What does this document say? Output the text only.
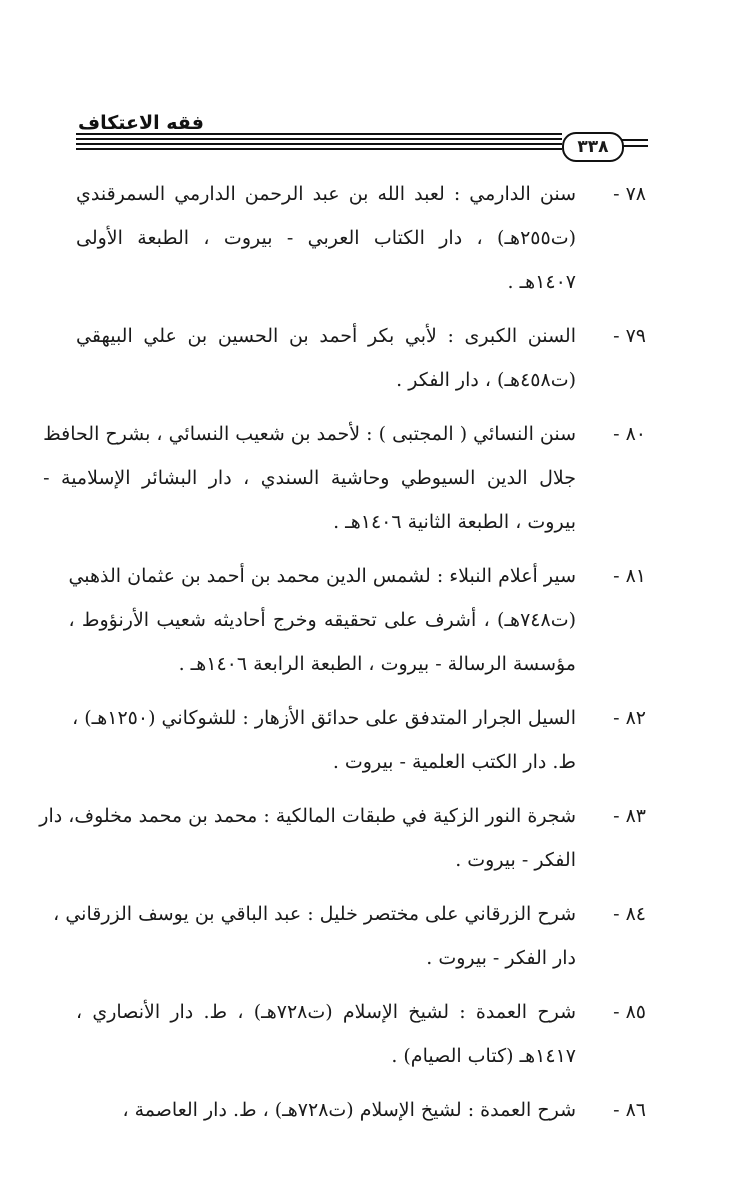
فقه الاعتكاف
٣٣٨
٧٨ -
سنن الدارمي : لعبد الله بن عبد الرحمن الدارمي السمرقندي
(ت٢٥٥هـ) ، دار الكتاب العربي - بيروت ، الطبعة الأولى
١٤٠٧هـ .
٧٩ -
السنن الكبرى : لأبي بكر أحمد بن الحسين بن علي البيهقي
(ت٤٥٨هـ) ، دار الفكر .
٨٠ -
سنن النسائي ( المجتبى ) : لأحمد بن شعيب النسائي ، بشرح الحافظ
جلال الدين السيوطي وحاشية السندي ، دار البشائر الإسلامية -
بيروت ، الطبعة الثانية ١٤٠٦هـ .
٨١ -
سير أعلام النبلاء : لشمس الدين محمد بن أحمد بن عثمان الذهبي
(ت٧٤٨هـ) ، أشرف على تحقيقه وخرج أحاديثه شعيب الأرنؤوط ،
مؤسسة الرسالة - بيروت ، الطبعة الرابعة ١٤٠٦هـ .
٨٢ -
السيل الجرار المتدفق على حدائق الأزهار : للشوكاني (١٢٥٠هـ) ،
ط. دار الكتب العلمية - بيروت .
٨٣ -
شجرة النور الزكية في طبقات المالكية : محمد بن محمد مخلوف، دار
الفكر - بيروت .
٨٤ -
شرح الزرقاني على مختصر خليل : عبد الباقي بن يوسف الزرقاني ،
دار الفكر - بيروت .
٨٥ -
شرح العمدة : لشيخ الإسلام (ت٧٢٨هـ) ، ط. دار الأنصاري ،
١٤١٧هـ (كتاب الصيام) .
٨٦ -
شرح العمدة : لشيخ الإسلام (ت٧٢٨هـ) ، ط. دار العاصمة ،
